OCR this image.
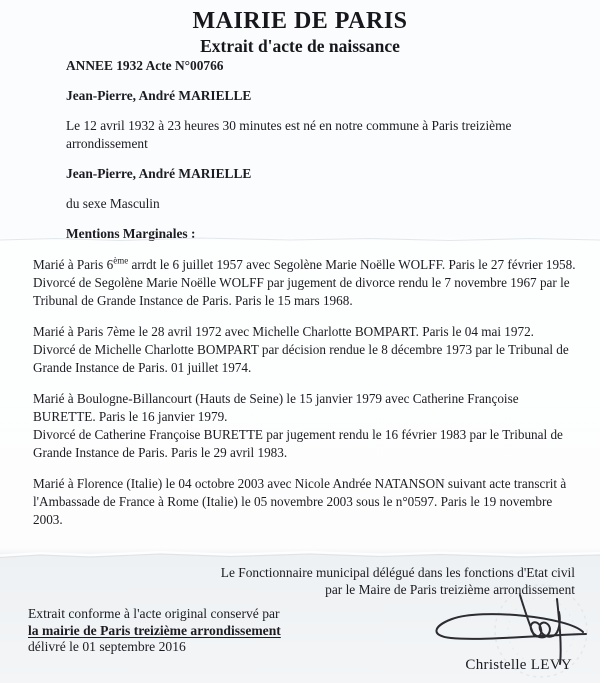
MAIRIE DE PARIS
Extrait d'acte de naissance

ANNEE 1932 Acte N°00766

Jean-Pierre, André MARIELLE

Le 12 avril 1932 à 23 heures 30 minutes est né en notre commune à Paris treizième arrondissement

Jean-Pierre, André MARIELLE

du sexe Masculin

Mentions Marginales :

Marié à Paris 6ème arrdt le 6 juillet 1957 avec Segolène Marie Noëlle WOLFF. Paris le 27 février 1958.
Divorcé de Segolène Marie Noëlle WOLFF par jugement de divorce rendu le 7 novembre 1967 par le Tribunal de Grande Instance de Paris. Paris le 15 mars 1968.
Marié à Paris 7ème le 28 avril 1972 avec Michelle Charlotte BOMPART. Paris le 04 mai 1972.
Divorcé de Michelle Charlotte BOMPART par décision rendue le 8 décembre 1973 par le Tribunal de Grande Instance de Paris. 01 juillet 1974.
Marié à Boulogne-Billancourt (Hauts de Seine) le 15 janvier 1979 avec Catherine Françoise BURETTE. Paris le 16 janvier 1979.
Divorcé de Catherine Françoise BURETTE par jugement rendu le 16 février 1983 par le Tribunal de Grande Instance de Paris. Paris le 29 avril 1983.
Marié à Florence (Italie) le 04 octobre 2003 avec Nicole Andrée NATANSON suivant acte transcrit à l'Ambassade de France à Rome (Italie) le 05 novembre 2003 sous le n°0597. Paris le 19 novembre 2003.
Le Fonctionnaire municipal délégué dans les fonctions d'Etat civil
par le Maire de Paris treizième arrondissement
Extrait conforme à l'acte original conservé par
la mairie de Paris treizième arrondissement
délivré le 01 septembre 2016
Christelle LEVY
